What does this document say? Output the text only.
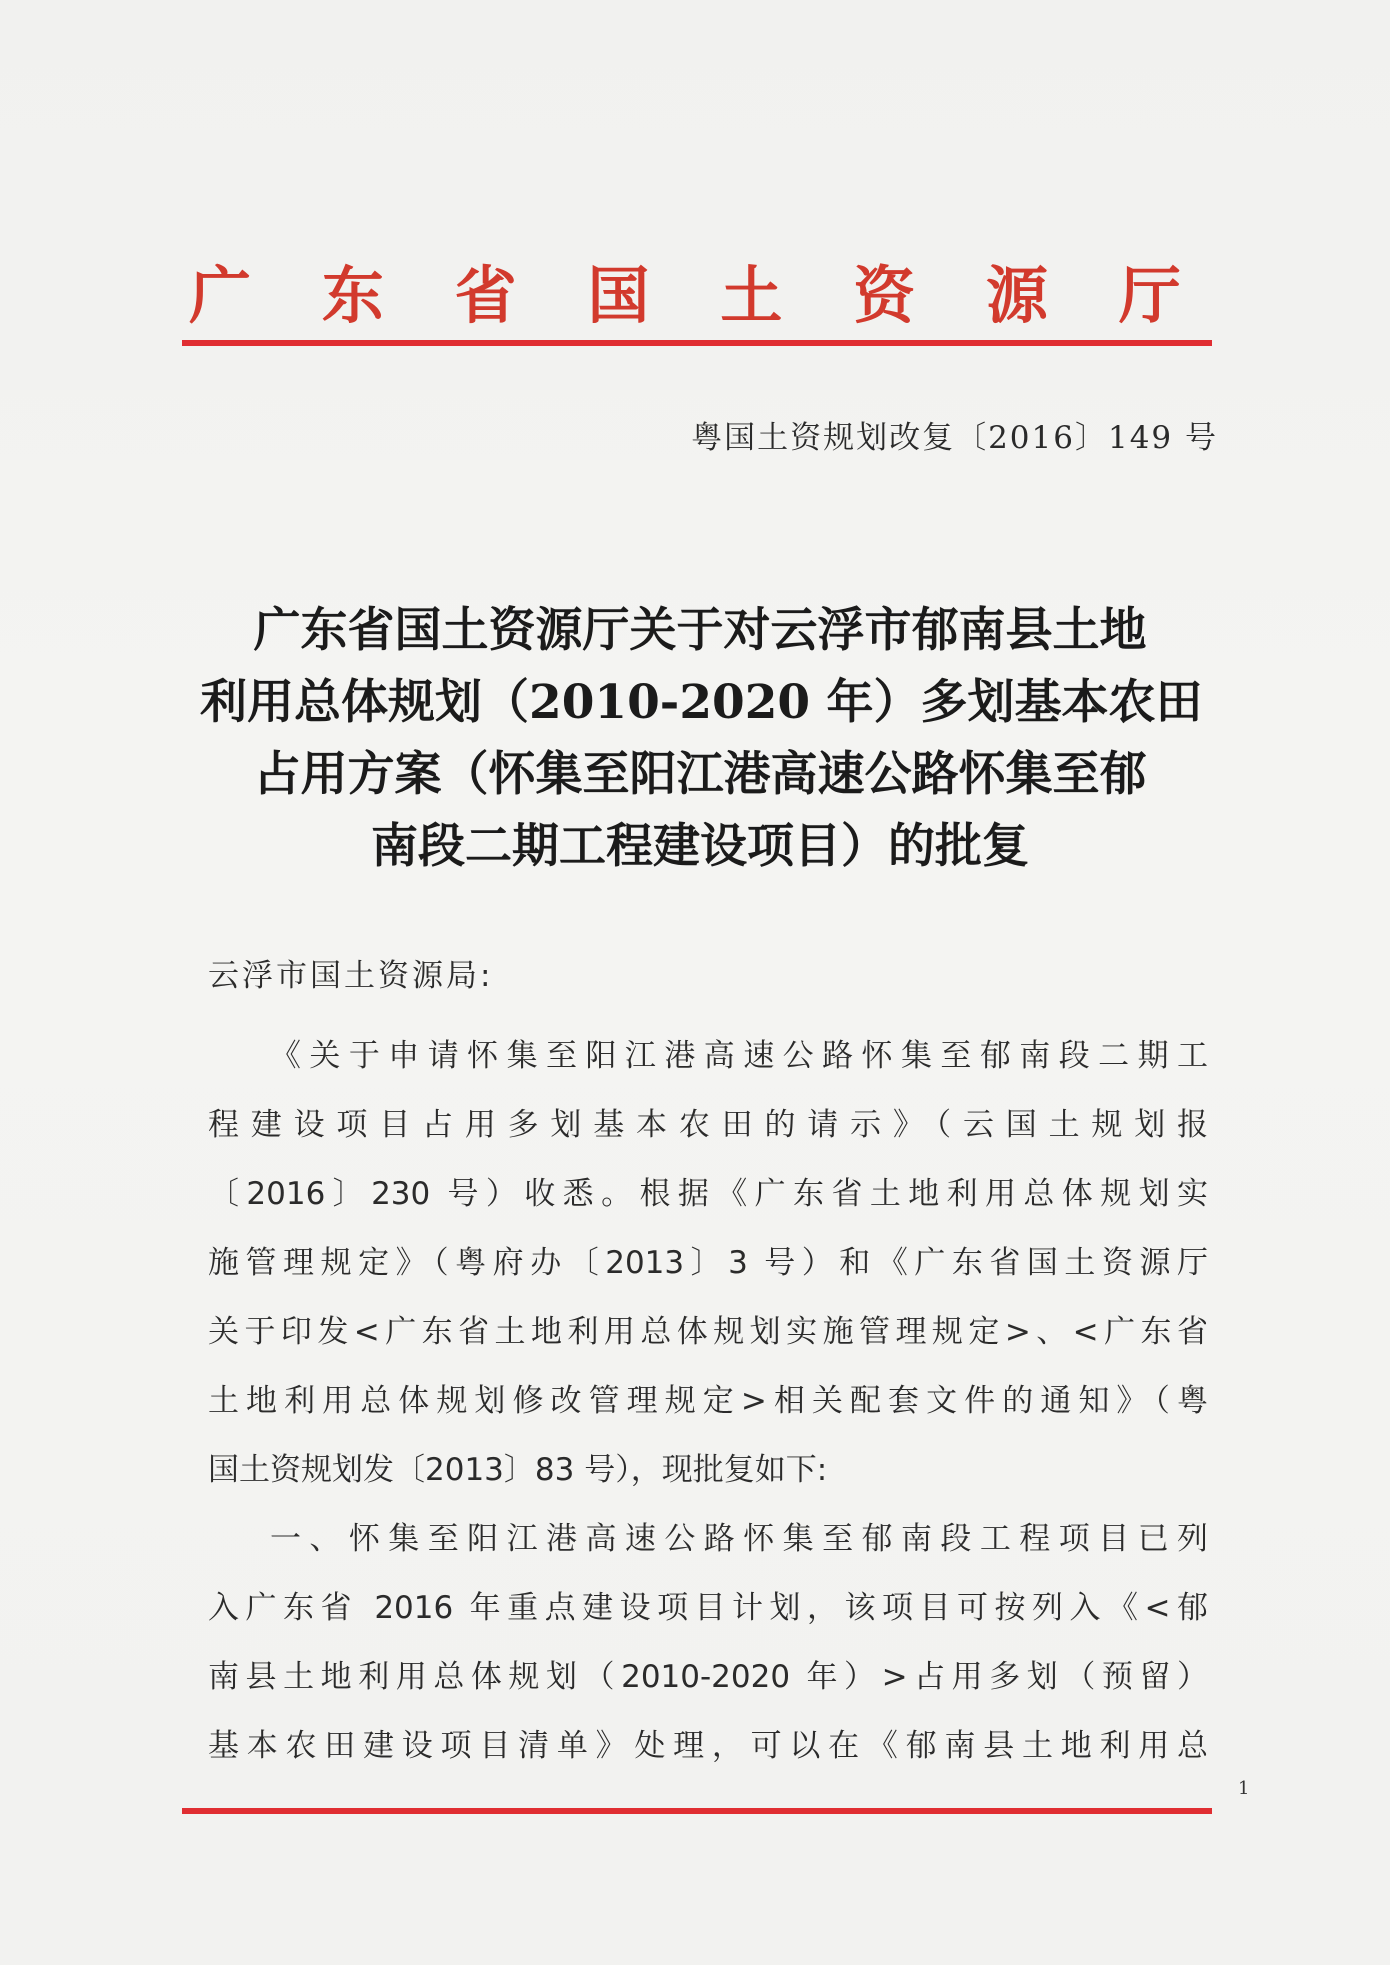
广 东 省 国 土 资 源 厅
粤国土资规划改复〔2016〕149 号
广东省国土资源厅关于对云浮市郁南县土地
利用总体规划（2010-2020 年）多划基本农田
占用方案（怀集至阳江港高速公路怀集至郁
南段二期工程建设项目）的批复
云浮市国土资源局:
《关于申请怀集至阳江港高速公路怀集至郁南段二期工
程建设项目占用多划基本农田的请示》（云国土规划报
〔2016〕230 号）收悉。根据《广东省土地利用总体规划实
施管理规定》（粤府办〔2013〕3 号）和《广东省国土资源厅
关于印发<广东省土地利用总体规划实施管理规定>、<广东省
土地利用总体规划修改管理规定>相关配套文件的通知》（粤
国土资规划发〔2013〕83 号），现批复如下:
一、怀集至阳江港高速公路怀集至郁南段工程项目已列
入广东省 2016 年重点建设项目计划，该项目可按列入《<郁
南县土地利用总体规划（2010-2020 年）>占用多划（预留）
基本农田建设项目清单》处理，可以在《郁南县土地利用总
1
